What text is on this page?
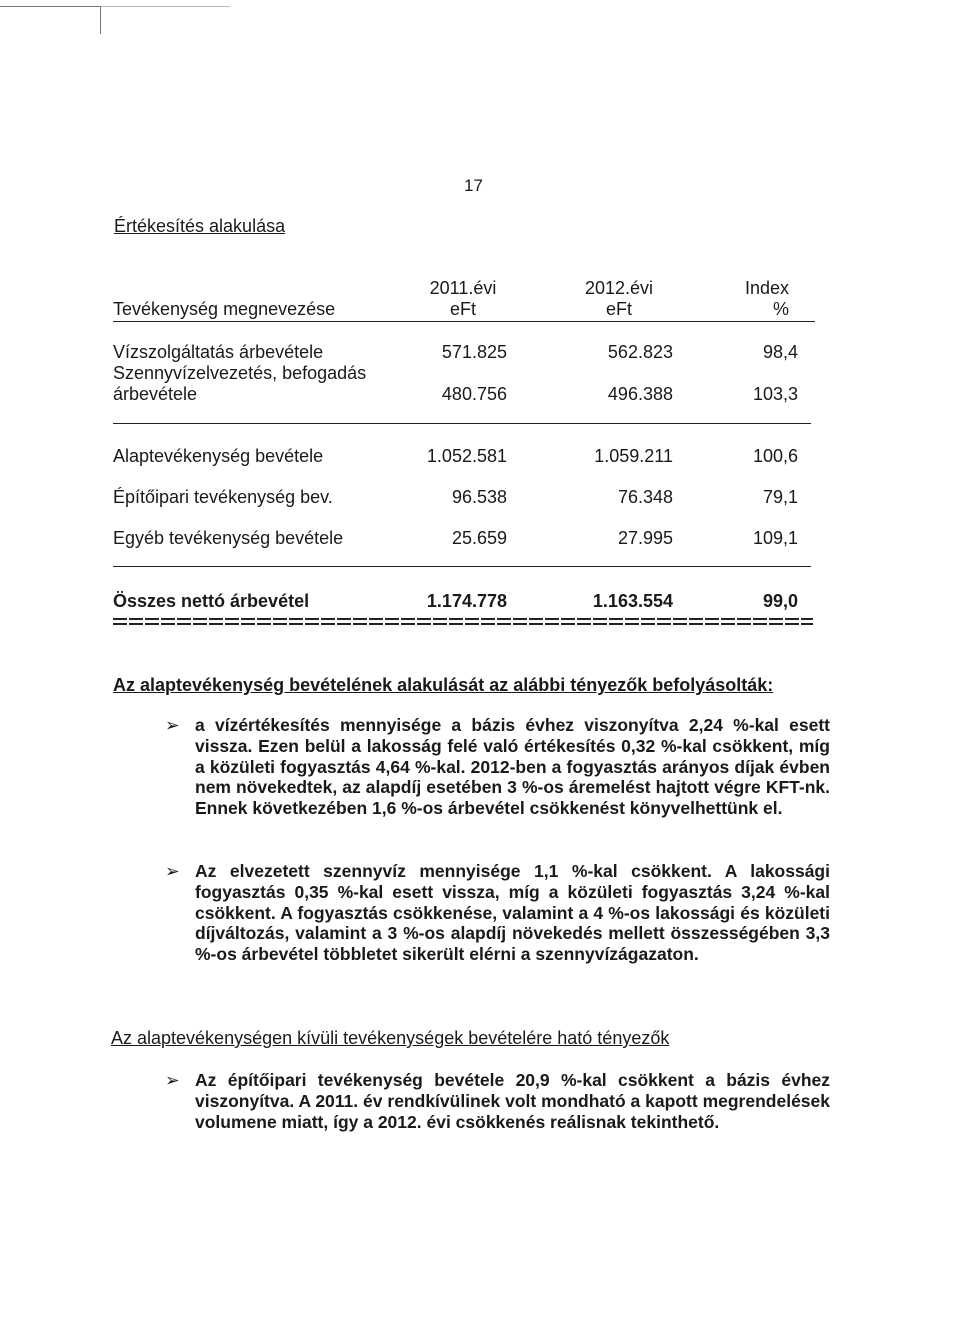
17
Értékesítés alakulása
2011.évi	2012.évi	Index
Tevékenység megnevezése	eFt	eFt	%
Vízszolgáltatás árbevétele	571.825	562.823	98,4
Szennyvízelvezetés, befogadás
árbevétele	480.756	496.388	103,3
Alaptevékenység bevétele	1.052.581	1.059.211	100,6
Építőipari tevékenység bev.	96.538	76.348	79,1
Egyéb tevékenység bevétele	25.659	27.995	109,1
Összes nettó árbevétel	1.174.778	1.163.554	99,0
Az alaptevékenység bevételének alakulását az alábbi tényezők befolyásolták:
➢ a vízértékesítés mennyisége a bázis évhez viszonyítva 2,24 %-kal esett vissza. Ezen belül a lakosság felé való értékesítés 0,32 %-kal csökkent, míg a közületi fogyasztás 4,64 %-kal. 2012-ben a fogyasztás arányos díjak évben nem növekedtek, az alapdíj esetében 3 %-os áremelést hajtott végre KFT-nk. Ennek következében 1,6 %-os árbevétel csökkenést könyvelhettünk el.
➢ Az elvezetett szennyvíz mennyisége 1,1 %-kal csökkent. A lakossági fogyasztás 0,35 %-kal esett vissza, míg a közületi fogyasztás 3,24 %-kal csökkent. A fogyasztás csökkenése, valamint a 4 %-os lakossági és közületi díjváltozás, valamint a 3 %-os alapdíj növekedés mellett összességében 3,3 %-os árbevétel többletet sikerült elérni a szennyvízágazaton.
Az alaptevékenységen kívüli tevékenységek bevételére ható tényezők
➢ Az építőipari tevékenység bevétele 20,9 %-kal csökkent a bázis évhez viszonyítva. A 2011. év rendkívülinek volt mondható a kapott megrendelések volumene miatt, így a 2012. évi csökkenés reálisnak tekinthető.
